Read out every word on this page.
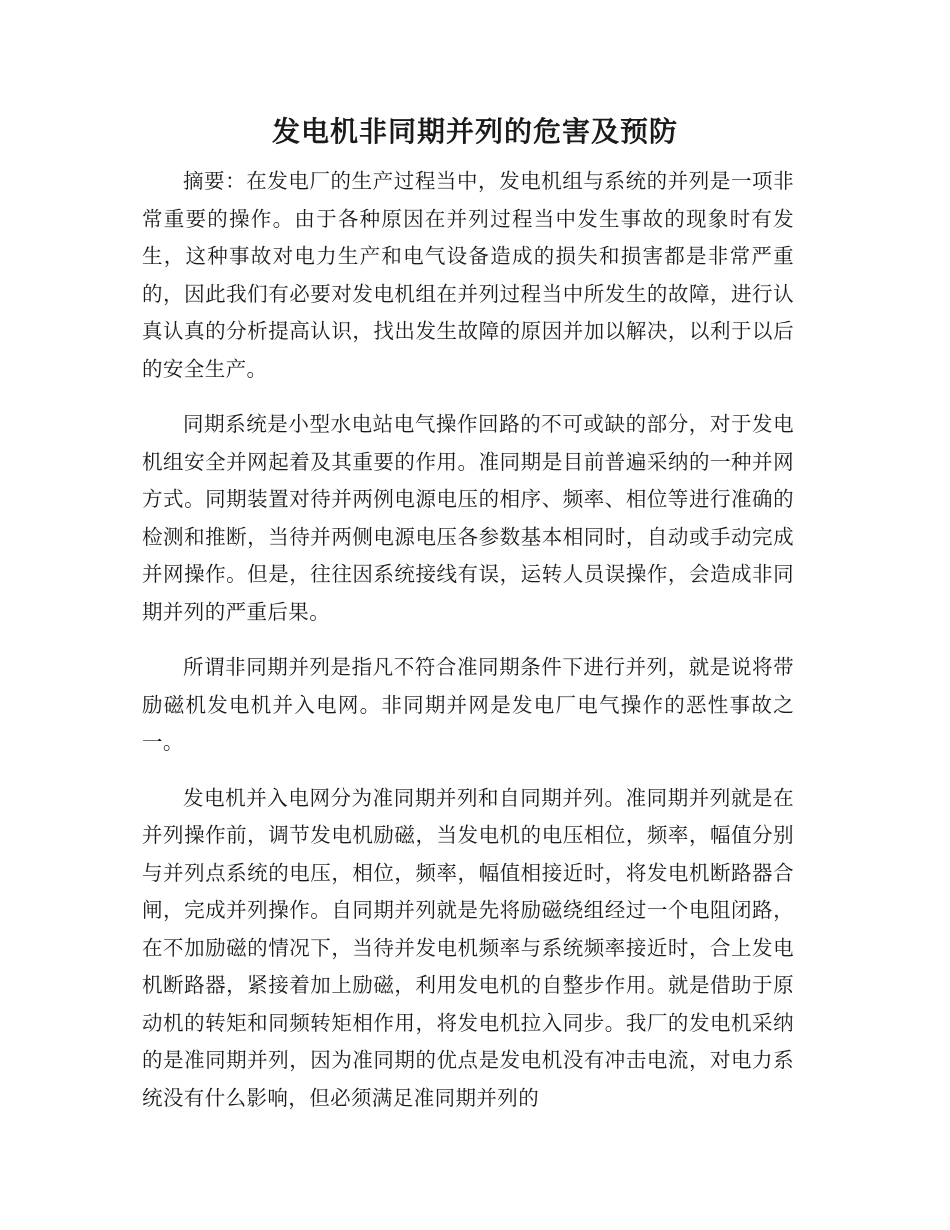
发电机非同期并列的危害及预防

摘要：在发电厂的生产过程当中，发电机组与系统的并列是一项非常重要的操作。由于各种原因在并列过程当中发生事故的现象时有发生，这种事故对电力生产和电气设备造成的损失和损害都是非常严重的，因此我们有必要对发电机组在并列过程当中所发生的故障，进行认真认真的分析提高认识，找出发生故障的原因并加以解决，以利于以后的安全生产。

同期系统是小型水电站电气操作回路的不可或缺的部分，对于发电机组安全并网起着及其重要的作用。准同期是目前普遍采纳的一种并网方式。同期装置对待并两例电源电压的相序、频率、相位等进行准确的检测和推断，当待并两侧电源电压各参数基本相同时，自动或手动完成并网操作。但是，往往因系统接线有误，运转人员误操作，会造成非同期并列的严重后果。

所谓非同期并列是指凡不符合准同期条件下进行并列，就是说将带励磁机发电机并入电网。非同期并网是发电厂电气操作的恶性事故之一。

发电机并入电网分为准同期并列和自同期并列。准同期并列就是在并列操作前，调节发电机励磁，当发电机的电压相位，频率，幅值分别与并列点系统的电压，相位，频率，幅值相接近时，将发电机断路器合闸，完成并列操作。自同期并列就是先将励磁绕组经过一个电阻闭路，在不加励磁的情况下，当待并发电机频率与系统频率接近时，合上发电机断路器，紧接着加上励磁，利用发电机的自整步作用。就是借助于原动机的转矩和同频转矩相作用，将发电机拉入同步。我厂的发电机采纳的是准同期并列，因为准同期的优点是发电机没有冲击电流，对电力系统没有什么影响，但必须满足准同期并列的
